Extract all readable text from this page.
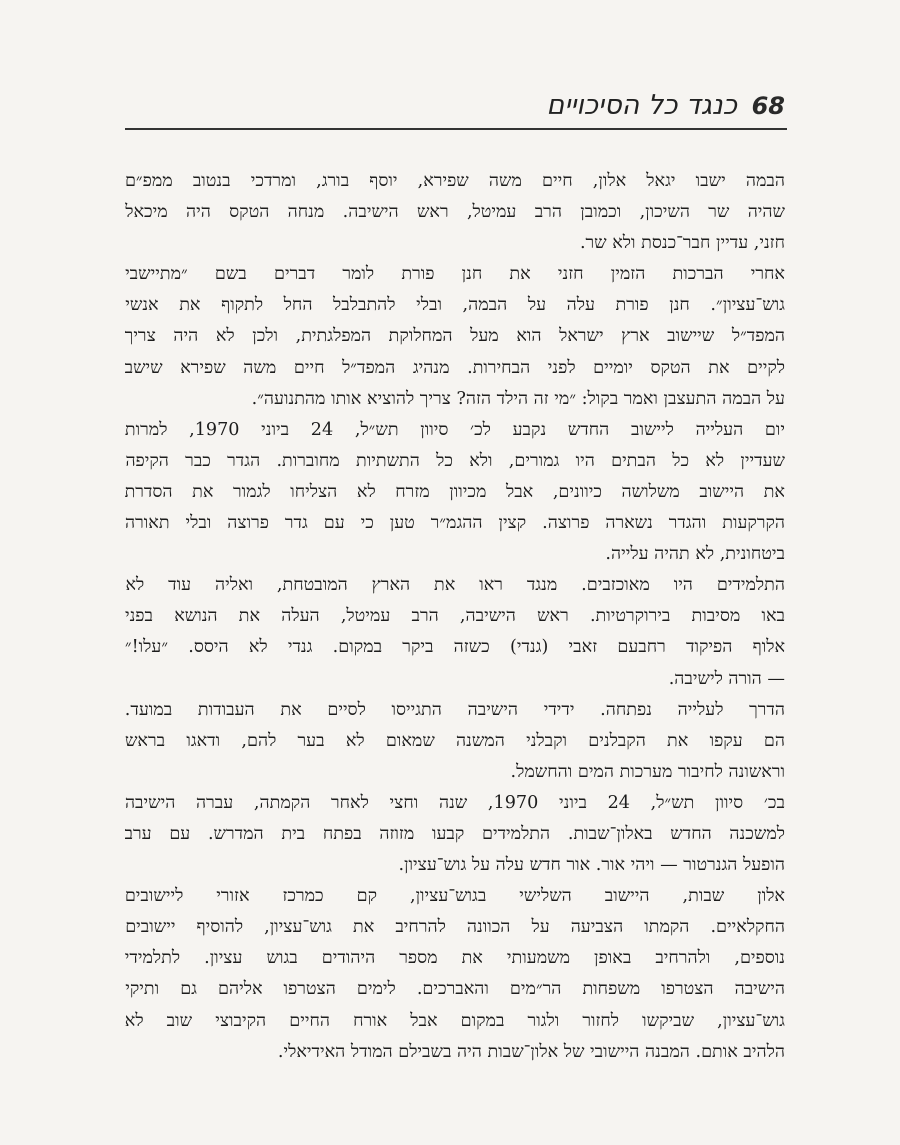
68
כנגד כל הסיכויים
הבמה ישבו יגאל אלון, חיים משה שפירא, יוסף בורג, ומרדכי בנטוב ממפ״ם
שהיה שר השיכון, וכמובן הרב עמיטל, ראש הישיבה. מנחה הטקס היה מיכאל
חזני, עדיין חבר־כנסת ולא שר.
אחרי הברכות הזמין חזני את חנן פורת לומר דברים בשם ״מתיישבי
גוש־עציון״. חנן פורת עלה על הבמה, ובלי להתבלבל החל לתקוף את אנשי
המפד״ל שיישוב ארץ ישראל הוא מעל המחלוקת המפלגתית, ולכן לא היה צריך
לקיים את הטקס יומיים לפני הבחירות. מנהיג המפד״ל חיים משה שפירא שישב
על הבמה התעצבן ואמר בקול: ״מי זה הילד הזה? צריך להוציא אותו מהתנועה״.
יום העלייה ליישוב החדש נקבע לכ׳ סיוון תש״ל, 24 ביוני 1970, למרות
שעדיין לא כל הבתים היו גמורים, ולא כל התשתיות מחוברות. הגדר כבר הקיפה
את היישוב משלושה כיוונים, אבל מכיוון מזרח לא הצליחו לגמור את הסדרת
הקרקעות והגדר נשארה פרוצה. קצין ההגמ״ר טען כי עם גדר פרוצה ובלי תאורה
ביטחונית, לא תהיה עלייה.
התלמידים היו מאוכזבים. מנגד ראו את הארץ המובטחת, ואליה עוד לא
באו מסיבות בירוקרטיות. ראש הישיבה, הרב עמיטל, העלה את הנושא בפני
אלוף הפיקוד רחבעם זאבי (גנדי) כשזה ביקר במקום. גנדי לא היסס. ״עלו!״
— הורה לישיבה.
הדרך לעלייה נפתחה. ידידי הישיבה התגייסו לסיים את העבודות במועד.
הם עקפו את הקבלנים וקבלני המשנה שמאום לא בער להם, ודאגו בראש
וראשונה לחיבור מערכות המים והחשמל.
בכ׳ סיוון תש״ל, 24 ביוני 1970, שנה וחצי לאחר הקמתה, עברה הישיבה
למשכנה החדש באלון־שבות. התלמידים קבעו מזוזה בפתח בית המדרש. עם ערב
הופעל הגנרטור — ויהי אור. אור חדש עלה על גוש־עציון.
אלון שבות, היישוב השלישי בגוש־עציון, קם כמרכז אזורי ליישובים
החקלאיים. הקמתו הצביעה על הכוונה להרחיב את גוש־עציון, להוסיף יישובים
נוספים, ולהרחיב באופן משמעותי את מספר היהודים בגוש עציון. לתלמידי
הישיבה הצטרפו משפחות הר״מים והאברכים. לימים הצטרפו אליהם גם ותיקי
גוש־עציון, שביקשו לחזור ולגור במקום אבל אורח החיים הקיבוצי שוב לא
הלהיב אותם. המבנה היישובי של אלון־שבות היה בשבילם המודל האידיאלי.
